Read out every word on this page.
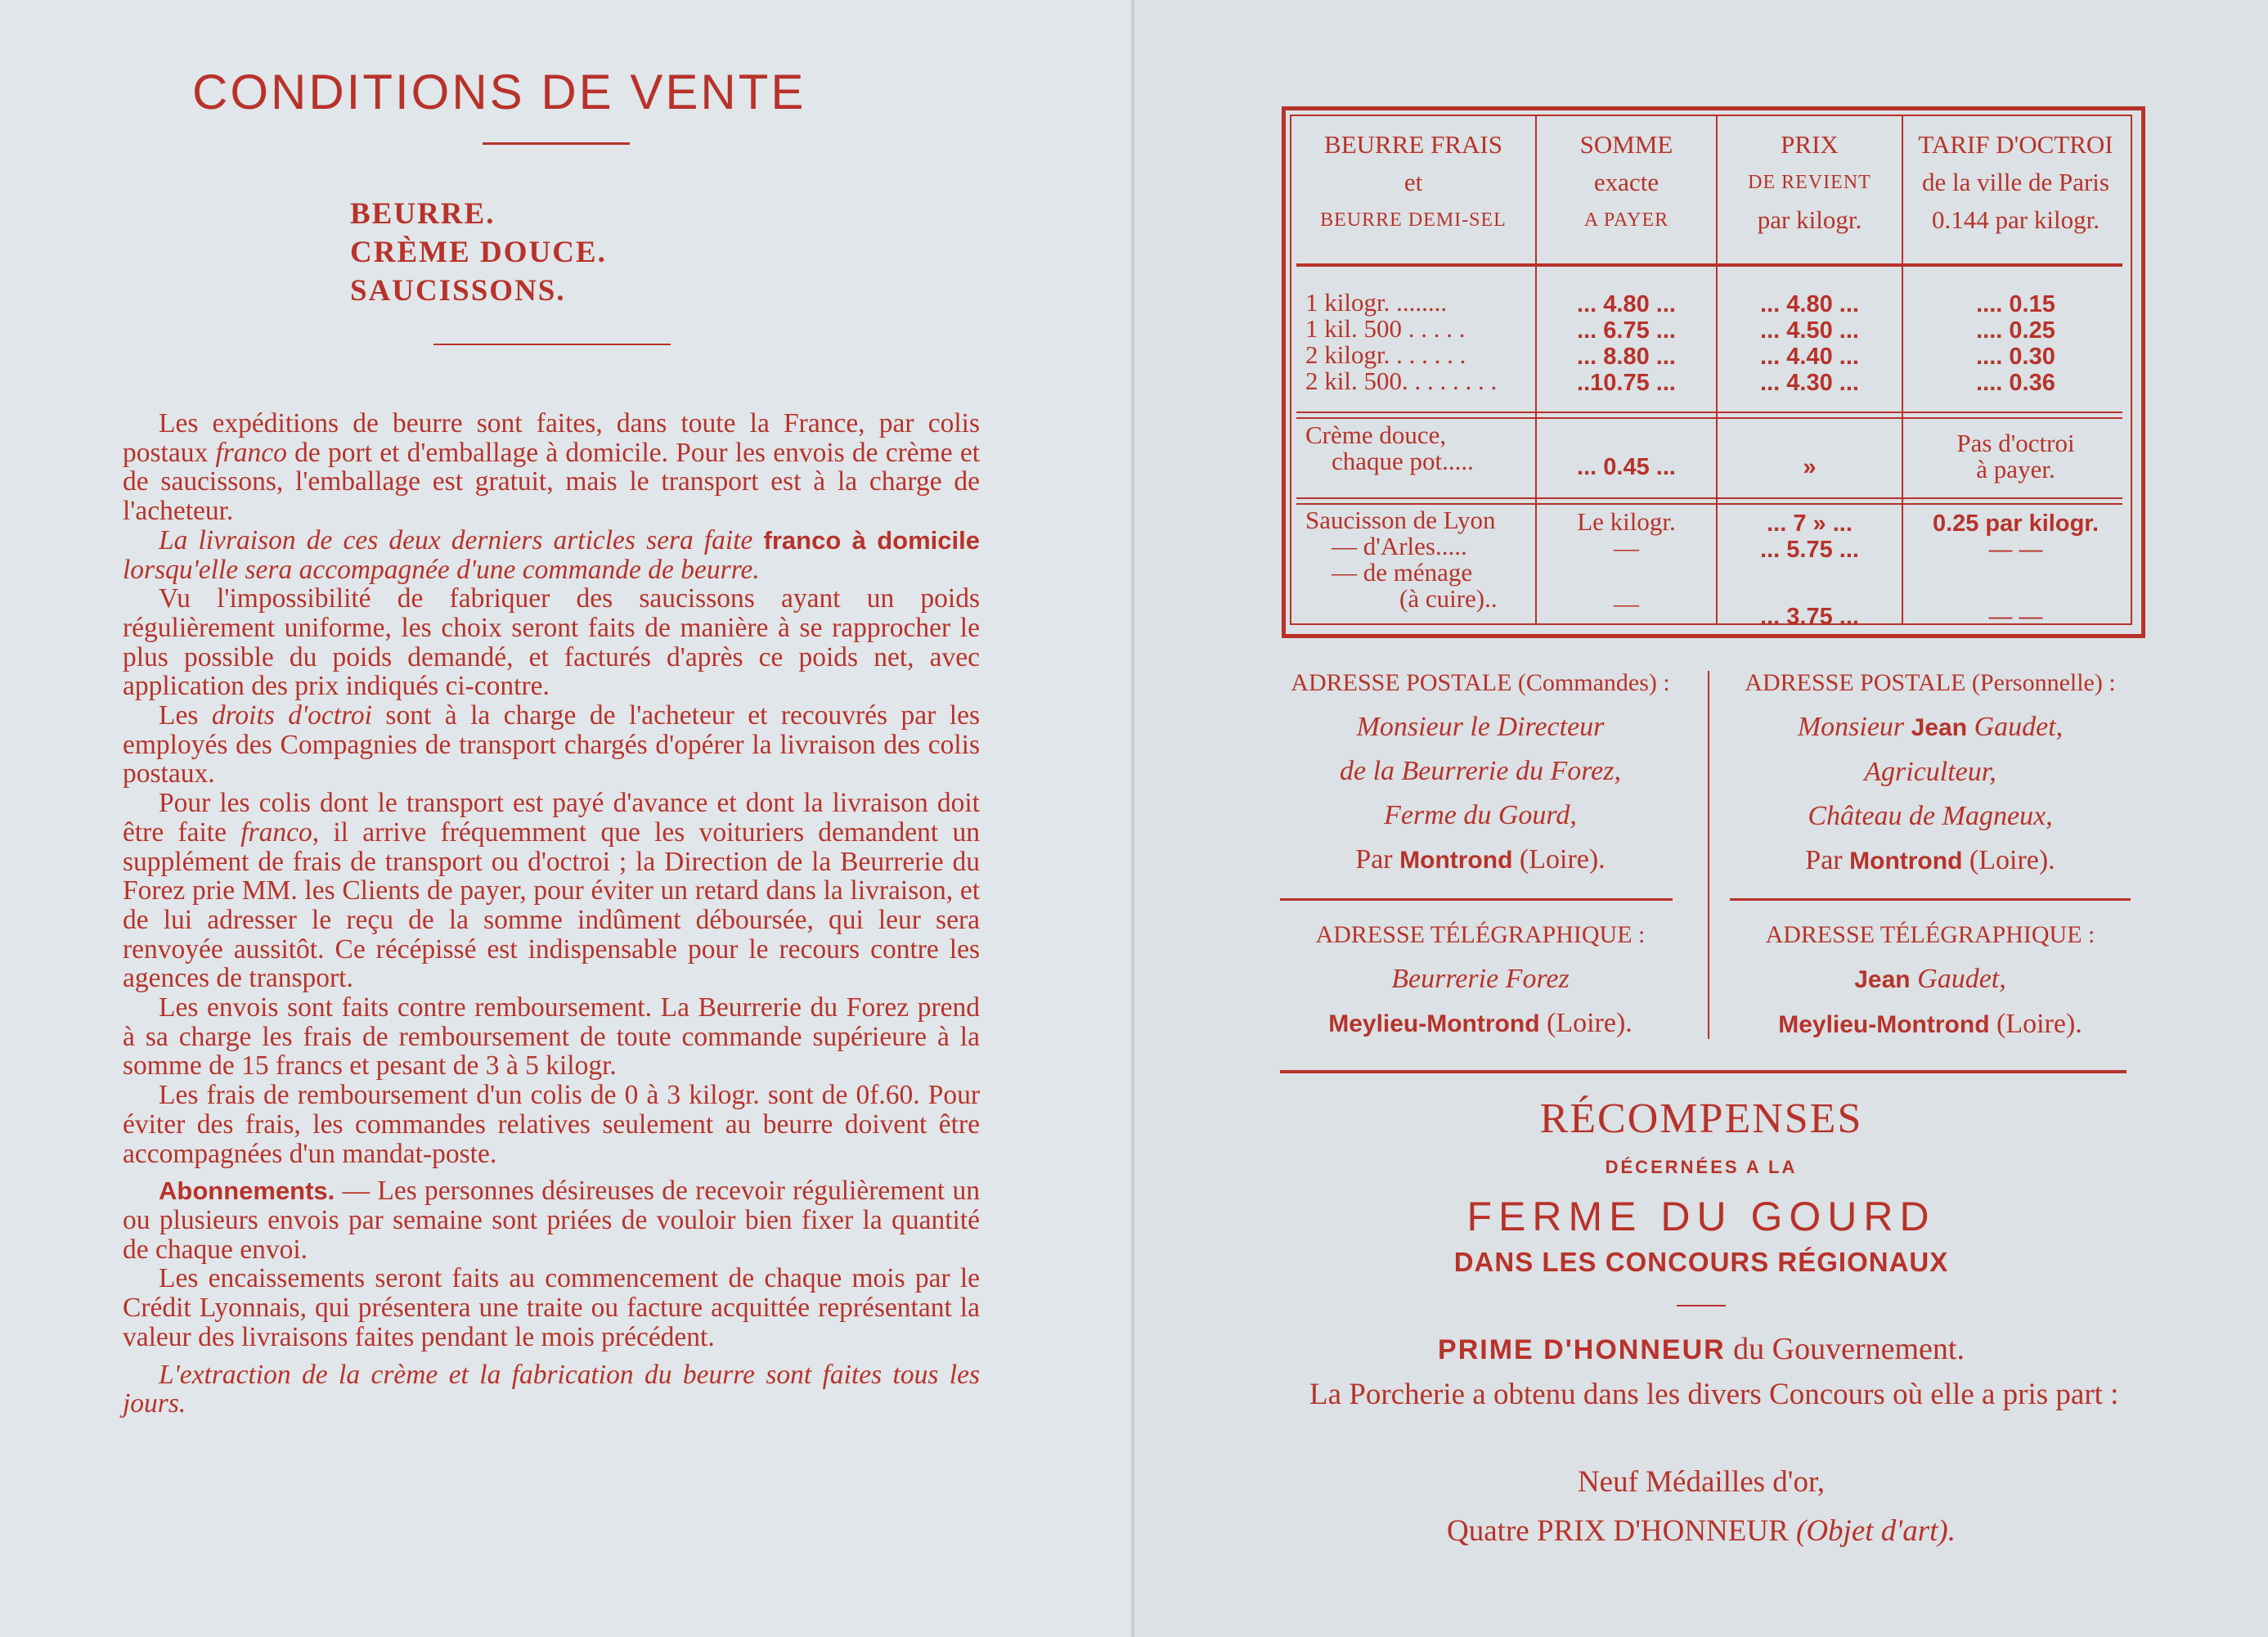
CONDITIONS DE VENTE
BEURRE.
CRÈME DOUCE.
SAUCISSONS.

Les expéditions de beurre sont faites, dans toute la France, par colis postaux franco de port et d'emballage à domicile. Pour les envois de crème et de saucissons, l'emballage est gratuit, mais le transport est à la charge de l'acheteur.

La livraison de ces deux derniers articles sera faite franco à domicile lorsqu'elle sera accompagnée d'une commande de beurre.

Vu l'impossibilité de fabriquer des saucissons ayant un poids régulièrement uniforme, les choix seront faits de manière à se rapprocher le plus possible du poids demandé, et facturés d'après ce poids net, avec application des prix indiqués ci-contre.

Les droits d'octroi sont à la charge de l'acheteur et recouvrés par les employés des Compagnies de transport chargés d'opérer la livraison des colis postaux.

Pour les colis dont le transport est payé d'avance et dont la livraison doit être faite franco, il arrive fréquemment que les voituriers demandent un supplément de frais de transport ou d'octroi ; la Direction de la Beurrerie du Forez prie MM. les Clients de payer, pour éviter un retard dans la livraison, et de lui adresser le reçu de la somme indûment déboursée, qui leur sera renvoyée aussitôt. Ce récépissé est indispensable pour le recours contre les agences de transport.

Les envois sont faits contre remboursement. La Beurrerie du Forez prend à sa charge les frais de remboursement de toute commande supérieure à la somme de 15 francs et pesant de 3 à 5 kilogr.

Les frais de remboursement d'un colis de 0 à 3 kilogr. sont de 0f.60. Pour éviter des frais, les commandes relatives seulement au beurre doivent être accompagnées d'un mandat-poste.

Abonnements. — Les personnes désireuses de recevoir régulièrement un ou plusieurs envois par semaine sont priées de vouloir bien fixer la quantité de chaque envoi.

Les encaissements seront faits au commencement de chaque mois par le Crédit Lyonnais, qui présentera une traite ou facture acquittée représentant la valeur des livraisons faites pendant le mois précédent.

L'extraction de la crème et la fabrication du beurre sont faites tous les jours.

BEURRE FRAIS
et
BEURRE DEMI-SEL
SOMME
exacte
A PAYER
PRIX
DE REVIENT
par kilogr.
TARIF D'OCTROI
de la ville de Paris
0.144 par kilogr.
1 kilogr. ........
1 kil. 500 . . . . .
2 kilogr. . . . . . .
2 kil. 500. . . . . . . .
... 4.80 ...
... 6.75 ...
... 8.80 ...
..10.75 ...
... 4.80 ...
... 4.50 ...
... 4.40 ...
... 4.30 ...
.... 0.15
.... 0.25
.... 0.30
.... 0.36
Crème douce,
chaque pot.....	... 0.45 ...	»
Pas d'octroi
à payer.
Saucisson de Lyon
— d'Arles.....
— de ménage
(à cuire)..
Le kilogr.
—
—
... 7 » ...
... 5.75 ...
... 3.75 ...
0.25 par kilogr.
— —
— —
ADRESSE POSTALE (Commandes) :
Monsieur le Directeur
de la Beurrerie du Forez,
Ferme du Gourd,
Par Montrond (Loire).
ADRESSE POSTALE (Personnelle) :
Monsieur Jean Gaudet,
Agriculteur,
Château de Magneux,
Par Montrond (Loire).
ADRESSE TÉLÉGRAPHIQUE :
Beurrerie Forez
Meylieu-Montrond (Loire).
ADRESSE TÉLÉGRAPHIQUE :
Jean Gaudet,
Meylieu-Montrond (Loire).
RÉCOMPENSES
DÉCERNÉES A LA
FERME DU GOURD
DANS LES CONCOURS RÉGIONAUX
PRIME D'HONNEUR du Gouvernement.
La Porcherie a obtenu dans les divers Concours où elle a pris part :
Neuf Médailles d'or,
Quatre PRIX D'HONNEUR (Objet d'art).
